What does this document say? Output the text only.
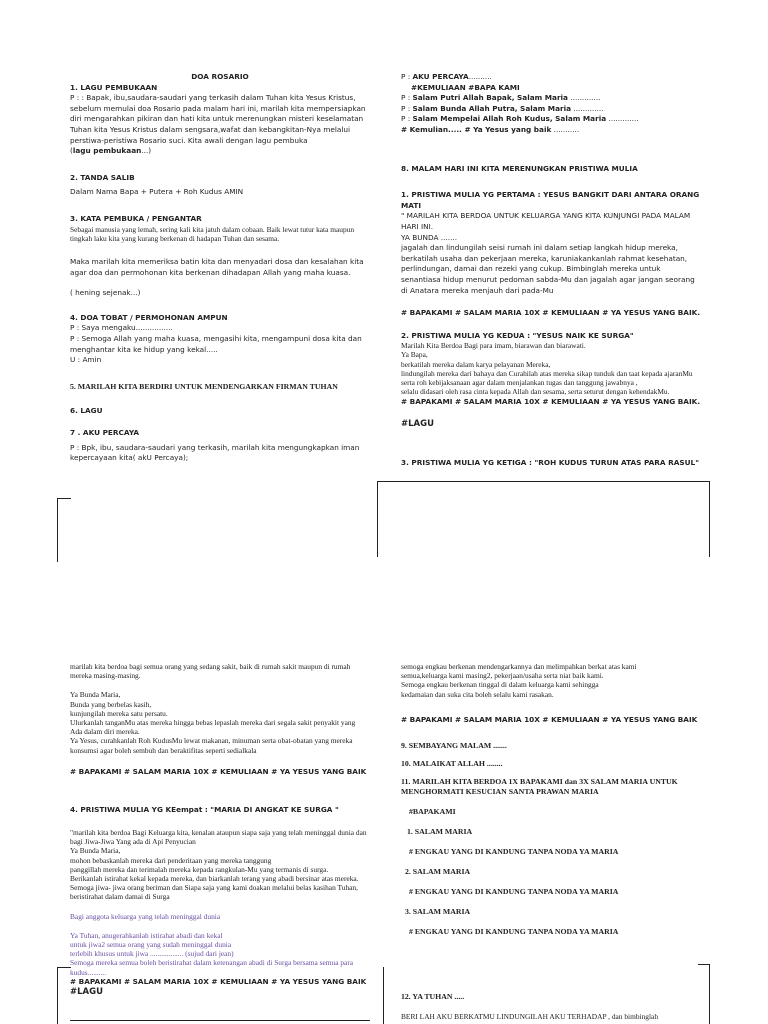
DOA ROSARIO

1. LAGU PEMBUKAAN

P : : Bapak, ibu,saudara-saudari yang terkasih dalam Tuhan kita Yesus Kristus, sebelum memulai doa Rosario pada malam hari ini, marilah kita mempersiapkan diri mengarahkan pikiran dan hati kita untuk merenungkan misteri keselamatan Tuhan kita Yesus Kristus dalam sengsara,wafat dan kebangkitan-Nya melalui perstiwa-peristiwa Rosario suci. Kita awali dengan lagu pembuka

(lagu pembukaan...)

2. TANDA SALIB

Dalam Nama Bapa + Putera + Roh Kudus AMIN

3. KATA PEMBUKA / PENGANTAR

Sebagai manusia yang lemah, sering kali kita jatuh dalam cobaan. Baik lewat tutur kata maupun tingkah laku kita yang kurang berkenan di hadapan Tuhan dan sesama.

Maka marilah kita memeriksa batin kita dan menyadari dosa dan kesalahan kita agar doa dan permohonan kita berkenan dihadapan Allah yang maha kuasa.

( hening sejenak...)

4. DOA TOBAT / PERMOHONAN AMPUN

P : Saya mengaku................

P : Semoga Allah yang maha kuasa, mengasihi kita, mengampuni dosa kita dan menghantar kita ke hidup yang kekal.....

U : Amin

5. MARILAH KITA BERDIRI UNTUK MENDENGARKAN FIRMAN TUHAN

6. LAGU

7 . AKU PERCAYA

P : Bpk, ibu, saudara-saudari yang terkasih, marilah kita mengungkapkan iman kepercayaan kita( akU Percaya);

P : AKU PERCAYA..........

#KEMULIAAN #BAPA KAMI

P : Salam Putri Allah Bapak, Salam Maria .............

P : Salam Bunda Allah Putra, Salam Maria .............

P : Salam Mempelai Allah Roh Kudus, Salam Maria .............

# Kemulian..... # Ya Yesus yang baik ...........

8. MALAM HARI INI KITA MERENUNGKAN PRISTIWA MULIA

1. PRISTIWA MULIA YG PERTAMA : YESUS BANGKIT DARI ANTARA ORANG MATI

" MARILAH KITA BERDOA UNTUK KELUARGA YANG KITA KUNJUNGI PADA MALAM HARI INI.

YA BUNDA .......

jagalah dan lindungilah seisi rumah ini dalam setiap langkah hidup mereka, berkatilah usaha dan pekerjaan mereka, karuniakankanlah rahmat kesehatan, perlindungan, damai dan rezeki yang cukup. Bimbinglah mereka untuk senantiasa hidup menurut pedoman sabda-Mu dan jagalah agar jangan seorang di Anatara mereka menjauh dari pada-Mu

# BAPAKAMI # SALAM MARIA 10X # KEMULIAAN # YA YESUS YANG BAIK.

2. PRISTIWA MULIA YG KEDUA : "YESUS NAIK KE SURGA"

Marilah Kita Berdoa Bagi para imam, biarawan dan biarawati.

Ya Bapa,

berkatilah mereka dalam karya pelayanan Mereka,

lindungilah mereka dari bahaya dan Curahilah atas mereka sikap tunduk dan taat kepada ajaranMu

serta roh kebijaksanaan agar dalam menjalankan tugas dan tanggung jawabnya ,

selalu didasari oleh rasa cinta kepada Allah dan sesama, serta seturut dengan kehendakMu.

# BAPAKAMI # SALAM MARIA 10X # KEMULIAAN # YA YESUS YANG BAIK.

#LAGU

3. PRISTIWA MULIA YG KETIGA : "ROH KUDUS TURUN ATAS PARA RASUL"

marilah kita berdoa bagi semua orang yang sedang sakit, baik di rumah sakit maupun di rumah mereka masing-masing.

Ya Bunda Maria,

Bunda yang berbelas kasih,

kunjungilah mereka satu persatu.

Ulurkanlah tanganMu atas mereka hingga bebas lepaslah mereka dari segala sakit penyakit yang Ada dalam diri mereka.

Ya Yesus, curahkanlah Roh KudusMu lewat makanan, minuman serta obat-obatan yang mereka konsumsi agar boleh sembuh dan beraktifitas seperti sedialkala

# BAPAKAMI # SALAM MARIA 10X # KEMULIAAN # YA YESUS YANG BAIK

4. PRISTIWA MULIA YG KEempat : "MARIA DI ANGKAT KE SURGA "

"marilah kita berdoa Bagi Keluarga kita, kenalan ataupun siapa saja yang telah meninggal dunia dan bagi Jiwa-Jiwa Yang ada di Api Penyucian

Ya Bunda Maria,

mohon bebaskanlah mereka dari penderitaan yang mereka tanggung

panggillah mereka dan terimalah mereka kepada rangkulan-Mu yang termanis di surga.

Berikanlah istirahat kekal kepada mereka, dan biarkanlah terang yang abadi bersinar atas mereka.

Semoga jiwa- jiwa orang beriman dan Siapa saja yang kami doakan melalui belas kasihan Tuhan, beristirahat dalam damai di Surga

Bagi anggota keluarga yang telah meninggal dunia

Ya Tuhan, anugerahkanlah istirahat abadi dan kekal

untuk jiwa2 semua orang yang sudah meninggal dunia

terlebih khusus untuk jiwa .................. (sujud dari jean)

Semoga mereka semua boleh beristirahat dalam ketenangan abadi di Surga bersama semua para kudus..........

# BAPAKAMI # SALAM MARIA 10X # KEMULIAAN # YA YESUS YANG BAIK

#LAGU

semoga engkau berkenan mendengarkannya dan melimpahkan berkat atas kami

semua,keluarga kami masing2, pekerjaan/usaha serta niat baik kami.

Semoga engkau berkenan tinggal di dalam keluarga kami sehingga

kedamaian dan suka cita boleh selalu kami rasakan.

# BAPAKAMI # SALAM MARIA 10X # KEMULIAAN # YA YESUS YANG BAIK

9. SEMBAYANG MALAM .......

10. MALAIKAT ALLAH ........

11. MARILAH KITA BERDOA 1X BAPAKAMI dan 3X SALAM MARIA UNTUK MENGHORMATI KESUCIAN SANTA PRAWAN MARIA

#BAPAKAMI

1. SALAM MARIA

# ENGKAU YANG DI KANDUNG TANPA NODA YA MARIA

2. SALAM MARIA

# ENGKAU YANG DI KANDUNG TANPA NODA YA MARIA

3. SALAM MARIA

# ENGKAU YANG DI KANDUNG TANPA NODA YA MARIA

12. YA TUHAN .....

BERI LAH AKU BERKATMU LINDUNGILAH AKU TERHADAP , dan bimbinglah
